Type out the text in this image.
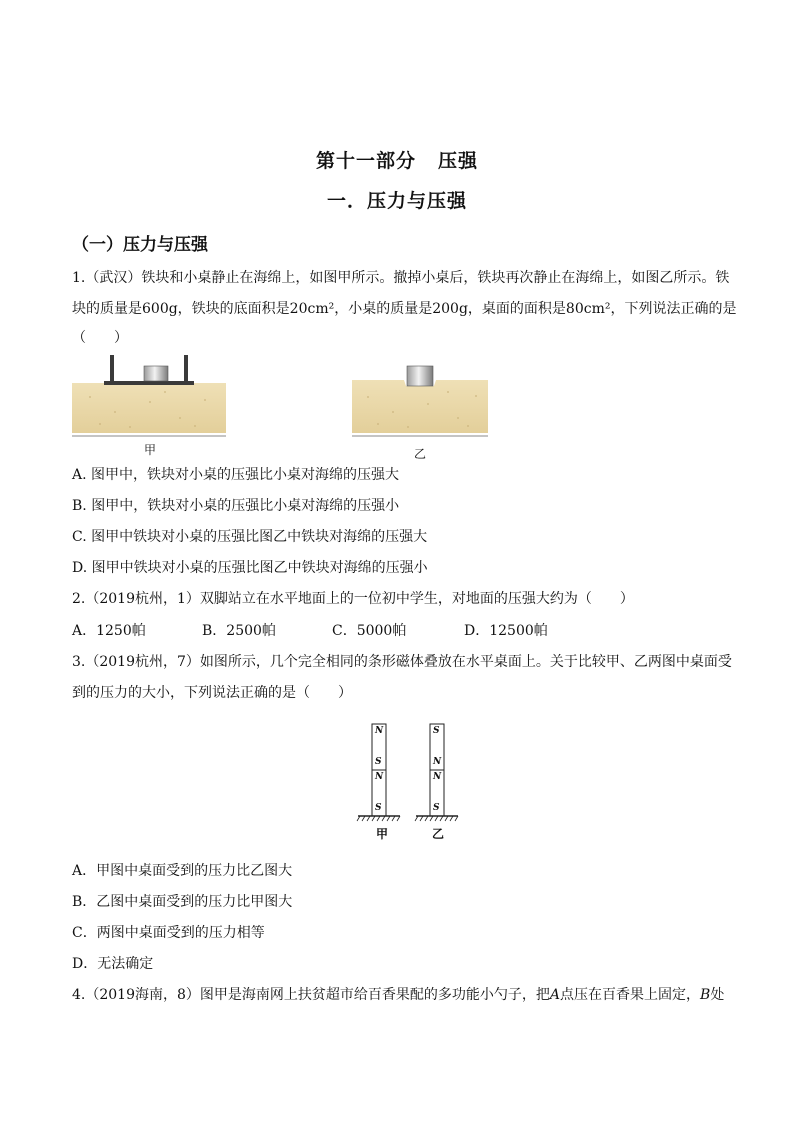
第十一部分 压强
一．压力与压强
（一）压力与压强
1.（武汉）铁块和小桌静止在海绵上，如图甲所示。撤掉小桌后，铁块再次静止在海绵上，如图乙所示。铁
块的质量是600g，铁块的底面积是20cm²，小桌的质量是200g，桌面的面积是80cm²，下列说法正确的是
（　　）
甲	乙
A. 图甲中，铁块对小桌的压强比小桌对海绵的压强大
B. 图甲中，铁块对小桌的压强比小桌对海绵的压强小
C. 图甲中铁块对小桌的压强比图乙中铁块对海绵的压强大
D. 图甲中铁块对小桌的压强比图乙中铁块对海绵的压强小
2.（2019杭州，1）双脚站立在水平地面上的一位初中学生，对地面的压强大约为（　　）
A．1250帕	B．2500帕	C．5000帕	D．12500帕
3.（2019杭州，7）如图所示，几个完全相同的条形磁体叠放在水平桌面上。关于比较甲、乙两图中桌面受
到的压力的大小，下列说法正确的是（　　）
N
S
N
S
甲
S
N
N
S
乙
A．甲图中桌面受到的压力比乙图大
B．乙图中桌面受到的压力比甲图大
C．两图中桌面受到的压力相等
D．无法确定
4.（2019海南，8）图甲是海南网上扶贫超市给百香果配的多功能小勺子，把A点压在百香果上固定，B处
